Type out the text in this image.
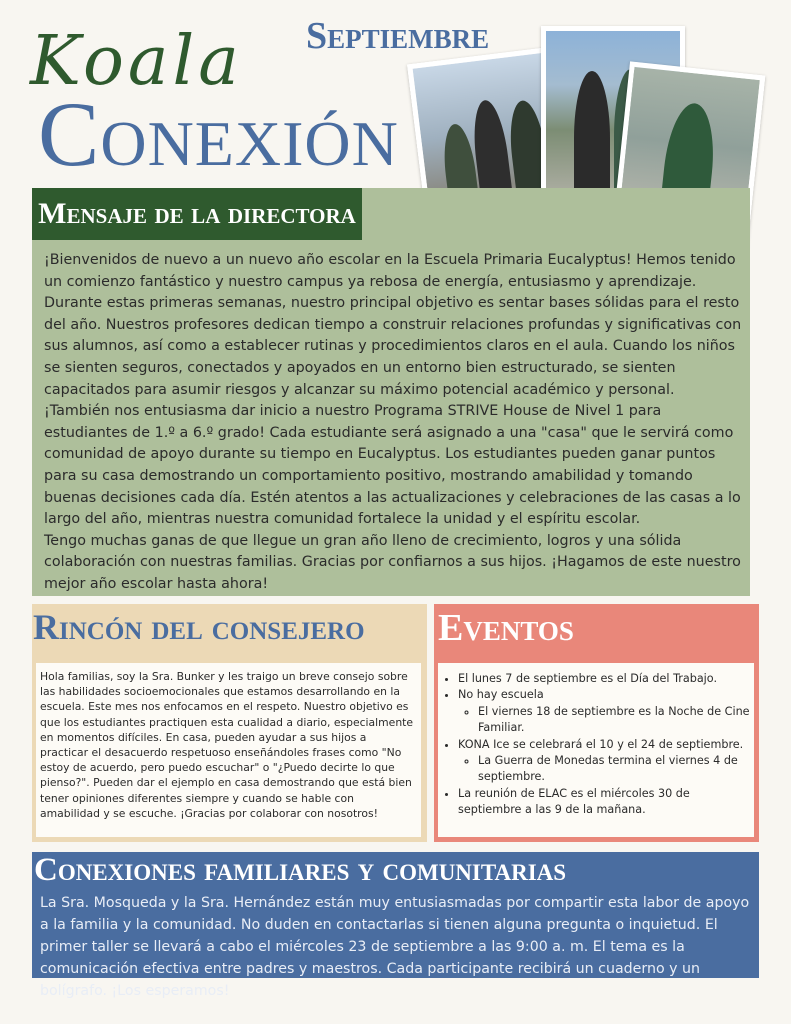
Koala
Conexión
Septiembre
Mensaje de la directora

¡Bienvenidos de nuevo a un nuevo año escolar en la Escuela Primaria Eucalyptus! Hemos tenido un comienzo fantástico y nuestro campus ya rebosa de energía, entusiasmo y aprendizaje.

Durante estas primeras semanas, nuestro principal objetivo es sentar bases sólidas para el resto del año. Nuestros profesores dedican tiempo a construir relaciones profundas y significativas con sus alumnos, así como a establecer rutinas y procedimientos claros en el aula. Cuando los niños se sienten seguros, conectados y apoyados en un entorno bien estructurado, se sienten capacitados para asumir riesgos y alcanzar su máximo potencial académico y personal.

¡También nos entusiasma dar inicio a nuestro Programa STRIVE House de Nivel 1 para estudiantes de 1.º a 6.º grado! Cada estudiante será asignado a una "casa" que le servirá como comunidad de apoyo durante su tiempo en Eucalyptus. Los estudiantes pueden ganar puntos para su casa demostrando un comportamiento positivo, mostrando amabilidad y tomando buenas decisiones cada día. Estén atentos a las actualizaciones y celebraciones de las casas a lo largo del año, mientras nuestra comunidad fortalece la unidad y el espíritu escolar.

Tengo muchas ganas de que llegue un gran año lleno de crecimiento, logros y una sólida colaboración con nuestras familias. Gracias por confiarnos a sus hijos. ¡Hagamos de este nuestro mejor año escolar hasta ahora!

Rincón del consejero

Hola familias, soy la Sra. Bunker y les traigo un breve consejo sobre las habilidades socioemocionales que estamos desarrollando en la escuela. Este mes nos enfocamos en el respeto. Nuestro objetivo es que los estudiantes practiquen esta cualidad a diario, especialmente en momentos difíciles. En casa, pueden ayudar a sus hijos a practicar el desacuerdo respetuoso enseñándoles frases como "No estoy de acuerdo, pero puedo escuchar" o "¿Puedo decirte lo que pienso?". Pueden dar el ejemplo en casa demostrando que está bien tener opiniones diferentes siempre y cuando se hable con amabilidad y se escuche. ¡Gracias por colaborar con nosotros!

Eventos
• El lunes 7 de septiembre es el Día del Trabajo.
• No hay escuela
◦ El viernes 18 de septiembre es la Noche de Cine Familiar.
• KONA Ice se celebrará el 10 y el 24 de septiembre.
◦ La Guerra de Monedas termina el viernes 4 de septiembre.
• La reunión de ELAC es el miércoles 30 de septiembre a las 9 de la mañana.
Conexiones familiares y comunitarias
La Sra. Mosqueda y la Sra. Hernández están muy entusiasmadas por compartir esta labor de apoyo a la familia y la comunidad. No duden en contactarlas si tienen alguna pregunta o inquietud. El primer taller se llevará a cabo el miércoles 23 de septiembre a las 9:00 a. m. El tema es la comunicación efectiva entre padres y maestros. Cada participante recibirá un cuaderno y un bolígrafo. ¡Los esperamos!
